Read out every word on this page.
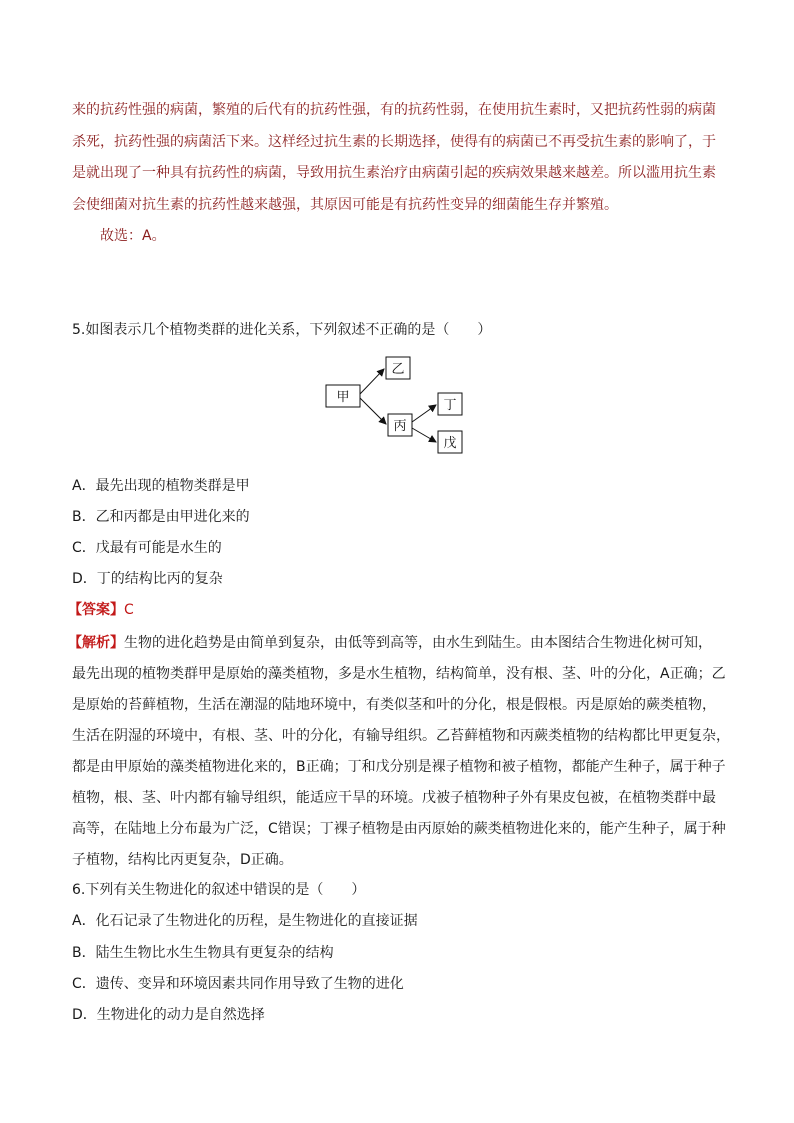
来的抗药性强的病菌，繁殖的后代有的抗药性强，有的抗药性弱，在使用抗生素时，又把抗药性弱的病菌
杀死，抗药性强的病菌活下来。这样经过抗生素的长期选择，使得有的病菌已不再受抗生素的影响了，于
是就出现了一种具有抗药性的病菌，导致用抗生素治疗由病菌引起的疾病效果越来越差。所以滥用抗生素
会使细菌对抗生素的抗药性越来越强，其原因可能是有抗药性变异的细菌能生存并繁殖。
故选：A。
5.如图表示几个植物类群的进化关系，下列叙述不正确的是（　　）
甲
乙
丙
丁
戊
A．最先出现的植物类群是甲
B．乙和丙都是由甲进化来的
C．戊最有可能是水生的
D．丁的结构比丙的复杂
【答案】C
【解析】生物的进化趋势是由简单到复杂，由低等到高等，由水生到陆生。由本图结合生物进化树可知，
最先出现的植物类群甲是原始的藻类植物，多是水生植物，结构简单，没有根、茎、叶的分化，A正确；乙
是原始的苔藓植物，生活在潮湿的陆地环境中，有类似茎和叶的分化，根是假根。丙是原始的蕨类植物，
生活在阴湿的环境中，有根、茎、叶的分化，有输导组织。乙苔藓植物和丙蕨类植物的结构都比甲更复杂，
都是由甲原始的藻类植物进化来的，B正确；丁和戊分别是裸子植物和被子植物，都能产生种子，属于种子
植物，根、茎、叶内都有输导组织，能适应干旱的环境。戊被子植物种子外有果皮包被，在植物类群中最
高等，在陆地上分布最为广泛，C错误；丁裸子植物是由丙原始的蕨类植物进化来的，能产生种子，属于种
子植物，结构比丙更复杂，D正确。
6.下列有关生物进化的叙述中错误的是（　　）
A．化石记录了生物进化的历程，是生物进化的直接证据
B．陆生生物比水生生物具有更复杂的结构
C．遗传、变异和环境因素共同作用导致了生物的进化
D．生物进化的动力是自然选择
